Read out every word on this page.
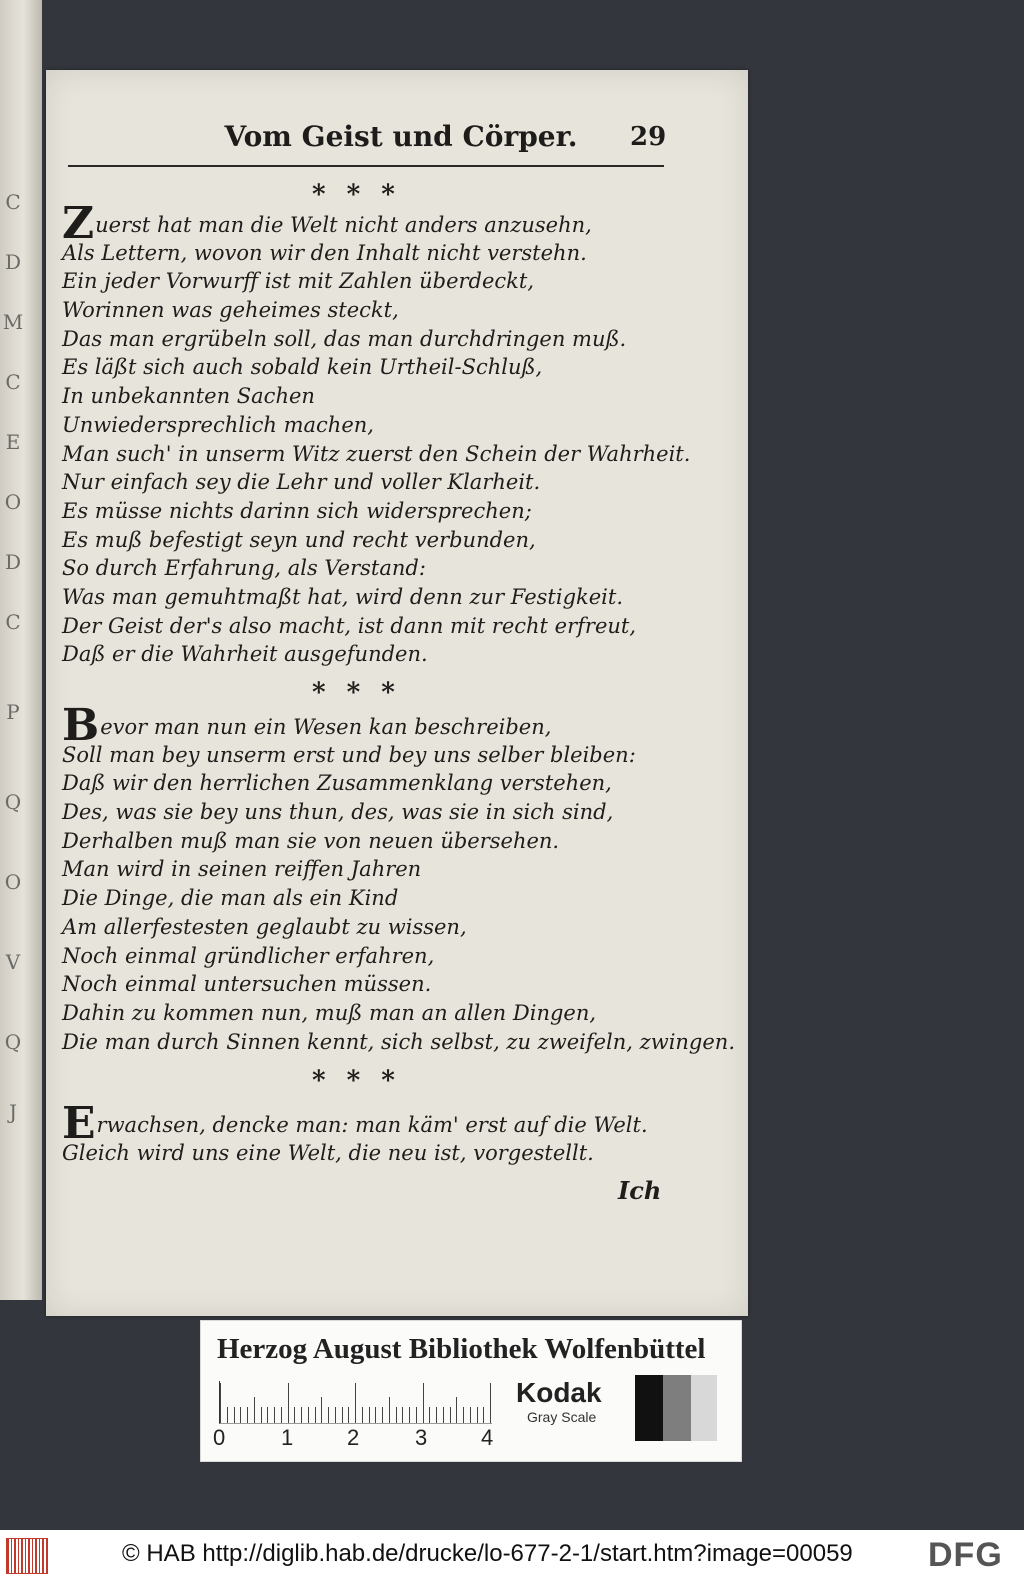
C
D
M
C
E
O
D
C
P
Q
O
V
Q
J
Vom Geist und Cörper.	29
* * *
Zuerst hat man die Welt nicht anders anzusehn,
Als Lettern, wovon wir den Inhalt nicht verstehn.
Ein jeder Vorwurff ist mit Zahlen überdeckt,
Worinnen was geheimes steckt,
Das man ergrübeln soll, das man durchdringen muß.
Es läßt sich auch sobald kein Urtheil-Schluß,
In unbekannten Sachen
Unwiedersprechlich machen,
Man such' in unserm Witz zuerst den Schein der Wahrheit.
Nur einfach sey die Lehr und voller Klarheit.
Es müsse nichts darinn sich widersprechen;
Es muß befestigt seyn und recht verbunden,
So durch Erfahrung, als Verstand:
Was man gemuhtmaßt hat, wird denn zur Festigkeit.
Der Geist der's also macht, ist dann mit recht erfreut,
Daß er die Wahrheit ausgefunden.
* * *
Bevor man nun ein Wesen kan beschreiben,
Soll man bey unserm erst und bey uns selber bleiben:
Daß wir den herrlichen Zusammenklang verstehen,
Des, was sie bey uns thun, des, was sie in sich sind,
Derhalben muß man sie von neuen übersehen.
Man wird in seinen reiffen Jahren
Die Dinge, die man als ein Kind
Am allerfestesten geglaubt zu wissen,
Noch einmal gründlicher erfahren,
Noch einmal untersuchen müssen.
Dahin zu kommen nun, muß man an allen Dingen,
Die man durch Sinnen kennt, sich selbst, zu zweifeln, zwingen.
* * *
Erwachsen, dencke man: man käm' erst auf die Welt.
Gleich wird uns eine Welt, die neu ist, vorgestellt.
Ich
Herzog August Bibliothek Wolfenbüttel
0	1 2	3 4
Kodak
Gray Scale
© HAB http://diglib.hab.de/drucke/lo-677-2-1/start.htm?image=00059 DFG
